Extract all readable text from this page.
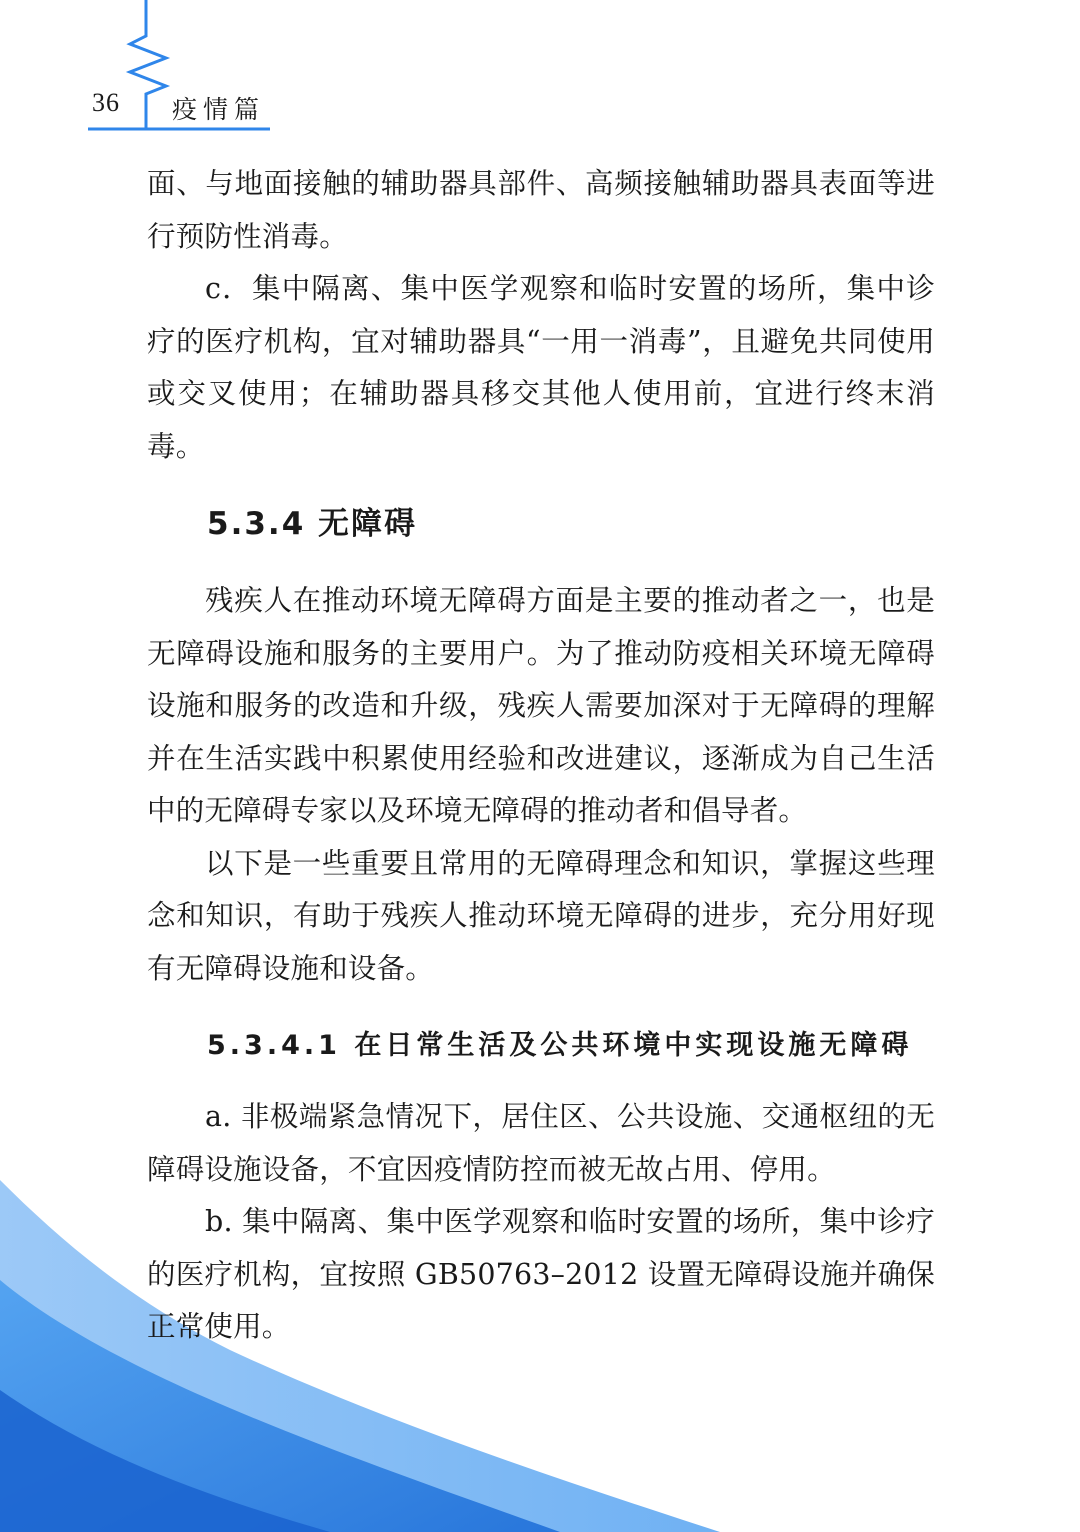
36 疫情篇

面、与地面接触的辅助器具部件、高频接触辅助器具表面等进行预防性消毒。

c．集中隔离、集中医学观察和临时安置的场所，集中诊疗的医疗机构，宜对辅助器具“一用一消毒”，且避免共同使用或交叉使用；在辅助器具移交其他人使用前，宜进行终末消毒。

5.3.4 无障碍

残疾人在推动环境无障碍方面是主要的推动者之一，也是无障碍设施和服务的主要用户。为了推动防疫相关环境无障碍设施和服务的改造和升级，残疾人需要加深对于无障碍的理解并在生活实践中积累使用经验和改进建议，逐渐成为自己生活中的无障碍专家以及环境无障碍的推动者和倡导者。

以下是一些重要且常用的无障碍理念和知识，掌握这些理念和知识，有助于残疾人推动环境无障碍的进步，充分用好现有无障碍设施和设备。

5.3.4.1 在日常生活及公共环境中实现设施无障碍

a. 非极端紧急情况下，居住区、公共设施、交通枢纽的无障碍设施设备，不宜因疫情防控而被无故占用、停用。

b. 集中隔离、集中医学观察和临时安置的场所，集中诊疗的医疗机构，宜按照 GB50763–2012 设置无障碍设施并确保正常使用。
